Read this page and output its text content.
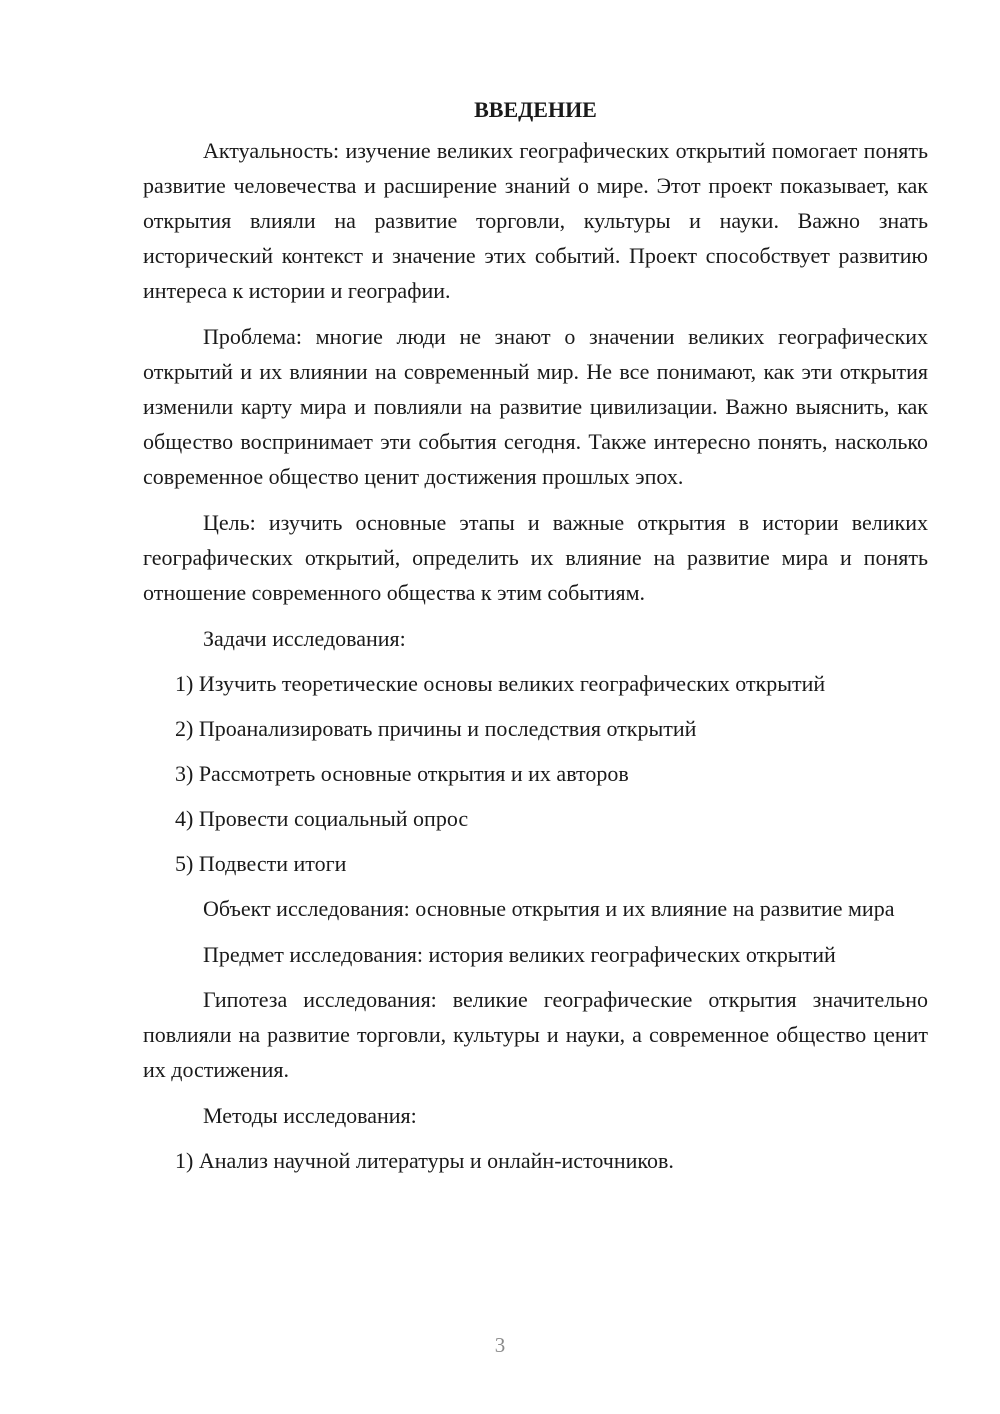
ВВЕДЕНИЕ
Актуальность: изучение великих географических открытий помогает понять развитие человечества и расширение знаний о мире. Этот проект показывает, как открытия влияли на развитие торговли, культуры и науки. Важно знать исторический контекст и значение этих событий. Проект способствует развитию интереса к истории и географии.
Проблема: многие люди не знают о значении великих географических открытий и их влиянии на современный мир. Не все понимают, как эти открытия изменили карту мира и повлияли на развитие цивилизации. Важно выяснить, как общество воспринимает эти события сегодня. Также интересно понять, насколько современное общество ценит достижения прошлых эпох.
Цель: изучить основные этапы и важные открытия в истории великих географических открытий, определить их влияние на развитие мира и понять отношение современного общества к этим событиям.
Задачи исследования:
1) Изучить теоретические основы великих географических открытий
2) Проанализировать причины и последствия открытий
3) Рассмотреть основные открытия и их авторов
4) Провести социальный опрос
5) Подвести итоги
Объект исследования: основные открытия и их влияние на развитие мира
Предмет исследования: история великих географических открытий
Гипотеза исследования: великие географические открытия значительно повлияли на развитие торговли, культуры и науки, а современное общество ценит их достижения.
Методы исследования:
1) Анализ научной литературы и онлайн-источников.
3
